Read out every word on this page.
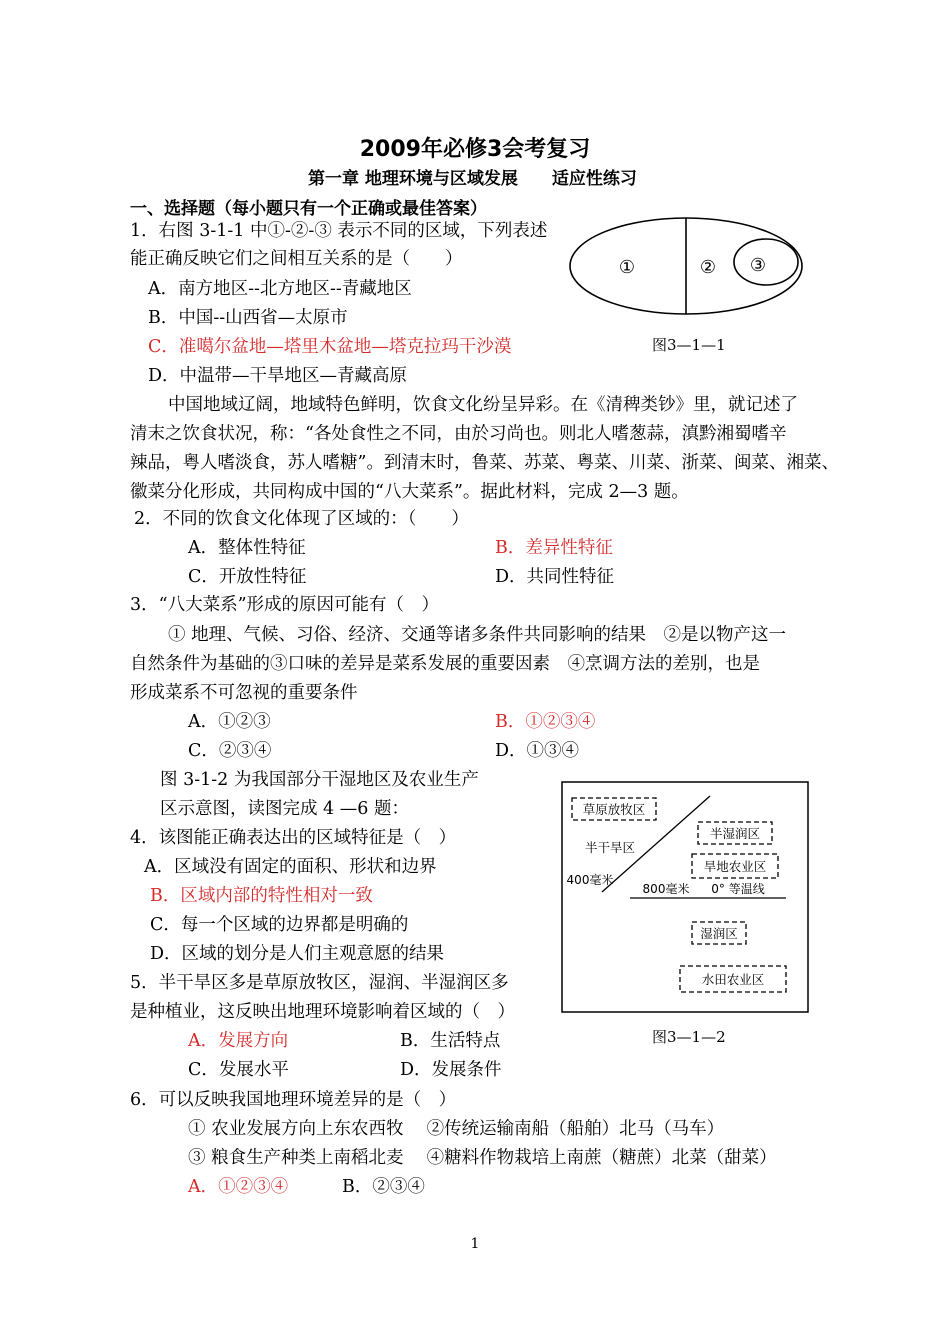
2009年必修3会考复习
第一章 地理环境与区域发展　　适应性练习
一、选择题（每小题只有一个正确或最佳答案）
①	② ③
图3—1—1
1．右图 3-1-1 中①-②-③ 表示不同的区域，下列表述
能正确反映它们之间相互关系的是（　　）
A．南方地区--北方地区--青藏地区
B．中国--山西省—太原市
C．准噶尔盆地—塔里木盆地—塔克拉玛干沙漠
D．中温带—干旱地区—青藏高原
中国地域辽阔，地域特色鲜明，饮食文化纷呈异彩。在《清稗类钞》里，就记述了
清末之饮食状况，称：“各处食性之不同，由於习尚也。则北人嗜葱蒜，滇黔湘蜀嗜辛
辣品，粤人嗜淡食，苏人嗜糖”。到清末时，鲁菜、苏菜、粤菜、川菜、浙菜、闽菜、湘菜、
徽菜分化形成，共同构成中国的“八大菜系”。据此材料，完成 2—3 题。
2．不同的饮食文化体现了区域的：（　　）
A．整体性特征	B．差异性特征
C．开放性特征	D．共同性特征
3．“八大菜系”形成的原因可能有（　）
① 地理、气候、习俗、经济、交通等诸多条件共同影响的结果　②是以物产这一
自然条件为基础的③口味的差异是菜系发展的重要因素　④烹调方法的差别，也是
形成菜系不可忽视的重要条件
A．①②③	B．①②③④
C．②③④	D．①③④
图 3-1-2 为我国部分干湿地区及农业生产
区示意图，读图完成 4 —6 题：	草原放牧区
半湿润区
半干旱区
旱地农业区
400毫米
800毫米 0° 等温线
湿润区
水田农业区
图3—1—2
4．该图能正确表达出的区域特征是（　）
A．区域没有固定的面积、形状和边界
B．区域内部的特性相对一致
C．每一个区域的边界都是明确的
D．区域的划分是人们主观意愿的结果
5．半干旱区多是草原放牧区，湿润、半湿润区多
是种植业，这反映出地理环境影响着区域的（　）
A．发展方向	B．生活特点
C．发展水平	D．发展条件
6．可以反映我国地理环境差异的是（　）
① 农业发展方向上东农西牧　 ②传统运输南船（船舶）北马（马车）
③ 粮食生产种类上南稻北麦　 ④糖料作物栽培上南蔗（糖蔗）北菜（甜菜）
A．①②③④	B．②③④
1
